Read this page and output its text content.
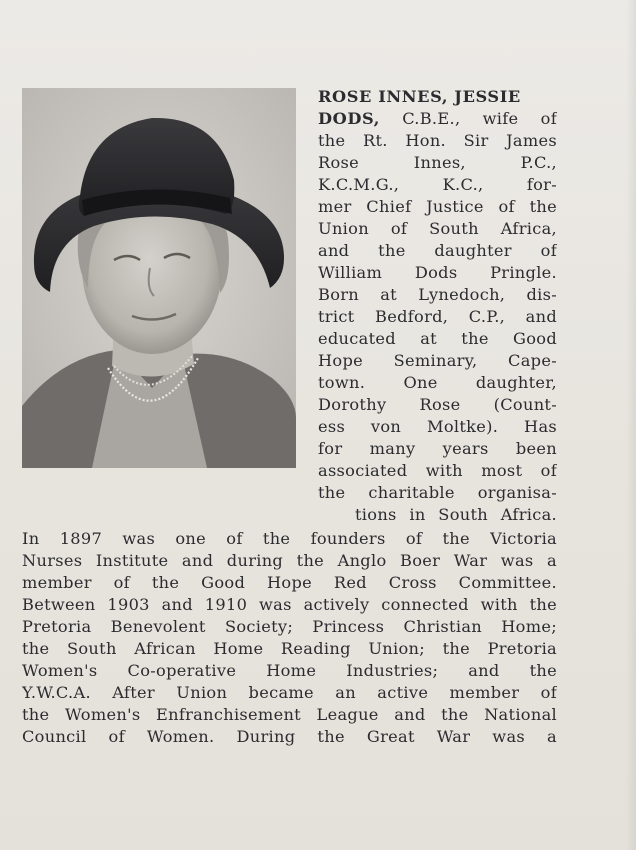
ROSE INNES, JESSIE
DODS, C.B.E., wife of
the Rt. Hon. Sir James
Rose Innes, P.C.,
K.C.M.G., K.C., for-
mer Chief Justice of the
Union of South Africa,
and the daughter of
William Dods Pringle.
Born at Lynedoch, dis-
trict Bedford, C.P., and
educated at the Good
Hope Seminary, Cape-
town. One daughter,
Dorothy Rose (Count-
ess von Moltke). Has
for many years been
associated with most of
the charitable organisa-
tions in South Africa.
In 1897 was one of the founders of the Victoria
Nurses Institute and during the Anglo Boer War was a
member of the Good Hope Red Cross Committee.
Between 1903 and 1910 was actively connected with the
Pretoria Benevolent Society; Princess Christian Home;
the South African Home Reading Union; the Pretoria
Women's Co-operative Home Industries; and the
Y.W.C.A. After Union became an active member of
the Women's Enfranchisement League and the National
Council of Women. During the Great War was a
